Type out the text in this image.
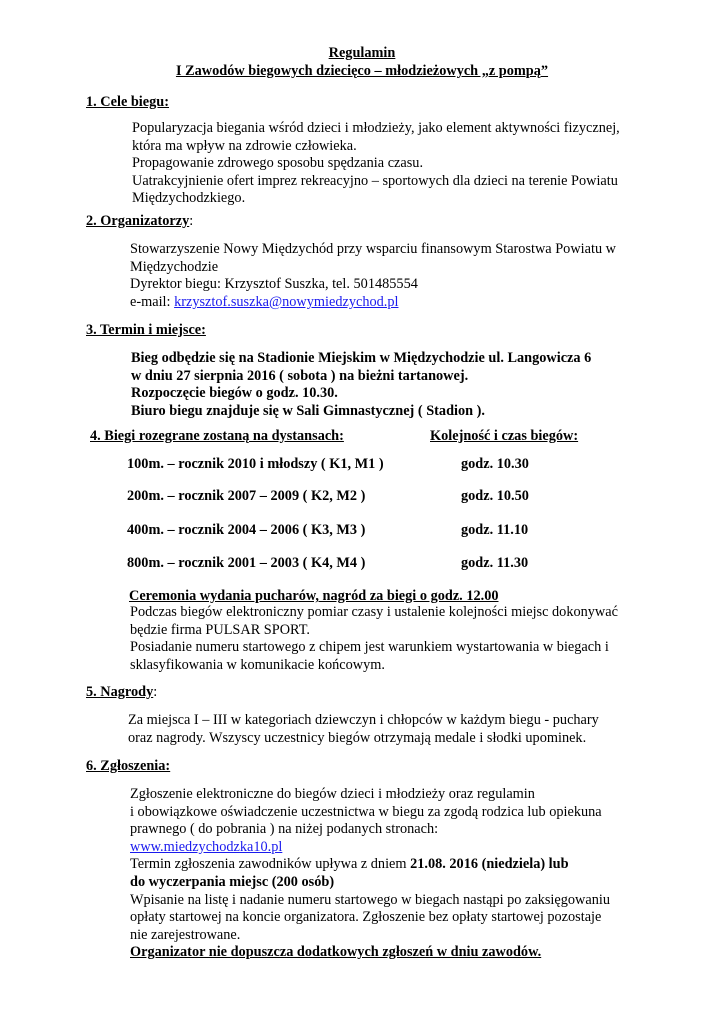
Regulamin
I Zawodów biegowych dziecięco – młodzieżowych „z pompą”
1. Cele biegu:

Popularyzacja biegania wśród dzieci i młodzieży, jako element aktywności fizycznej,

która ma wpływ na zdrowie człowieka.

Propagowanie zdrowego sposobu spędzania czasu.

Uatrakcyjnienie ofert imprez rekreacyjno – sportowych dla dzieci na terenie Powiatu

Międzychodzkiego.

2. Organizatorzy:

Stowarzyszenie Nowy Międzychód przy wsparciu finansowym Starostwa Powiatu w

Międzychodzie

Dyrektor biegu: Krzysztof Suszka, tel. 501485554

e-mail: krzysztof.suszka@nowymiedzychod.pl

3. Termin i miejsce:

Bieg odbędzie się na Stadionie Miejskim w Międzychodzie ul. Langowicza 6

w dniu 27 sierpnia 2016 ( sobota ) na bieżni tartanowej.

Rozpoczęcie biegów o godz. 10.30.

Biuro biegu znajduje się w Sali Gimnastycznej ( Stadion ).

4. Biegi rozegrane zostaną na dystansach:	Kolejność i czas biegów:
100m. – rocznik 2010 i młodszy ( K1, M1 )	godz. 10.30
200m. – rocznik 2007 – 2009 ( K2, M2 )	godz. 10.50
400m. – rocznik 2004 – 2006 ( K3, M3 )	godz. 11.10
800m. – rocznik 2001 – 2003 ( K4, M4 )	godz. 11.30
Ceremonia wydania pucharów, nagród za biegi o godz. 12.00

Podczas biegów elektroniczny pomiar czasy i ustalenie kolejności miejsc dokonywać

będzie firma PULSAR SPORT.

Posiadanie numeru startowego z chipem jest warunkiem wystartowania w biegach i

sklasyfikowania w komunikacie końcowym.

5. Nagrody:

Za miejsca I – III w kategoriach dziewczyn i chłopców w każdym biegu - puchary

oraz nagrody. Wszyscy uczestnicy biegów otrzymają medale i słodki upominek.

6. Zgłoszenia:

Zgłoszenie elektroniczne do biegów dzieci i młodzieży oraz regulamin

i obowiązkowe oświadczenie uczestnictwa w biegu za zgodą rodzica lub opiekuna

prawnego ( do pobrania ) na niżej podanych stronach:

www.miedzychodzka10.pl

Termin zgłoszenia zawodników upływa z dniem 21.08. 2016 (niedziela) lub

do wyczerpania miejsc (200 osób)

Wpisanie na listę i nadanie numeru startowego w biegach nastąpi po zaksięgowaniu

opłaty startowej na koncie organizatora. Zgłoszenie bez opłaty startowej pozostaje

nie zarejestrowane.

Organizator nie dopuszcza dodatkowych zgłoszeń w dniu zawodów.
